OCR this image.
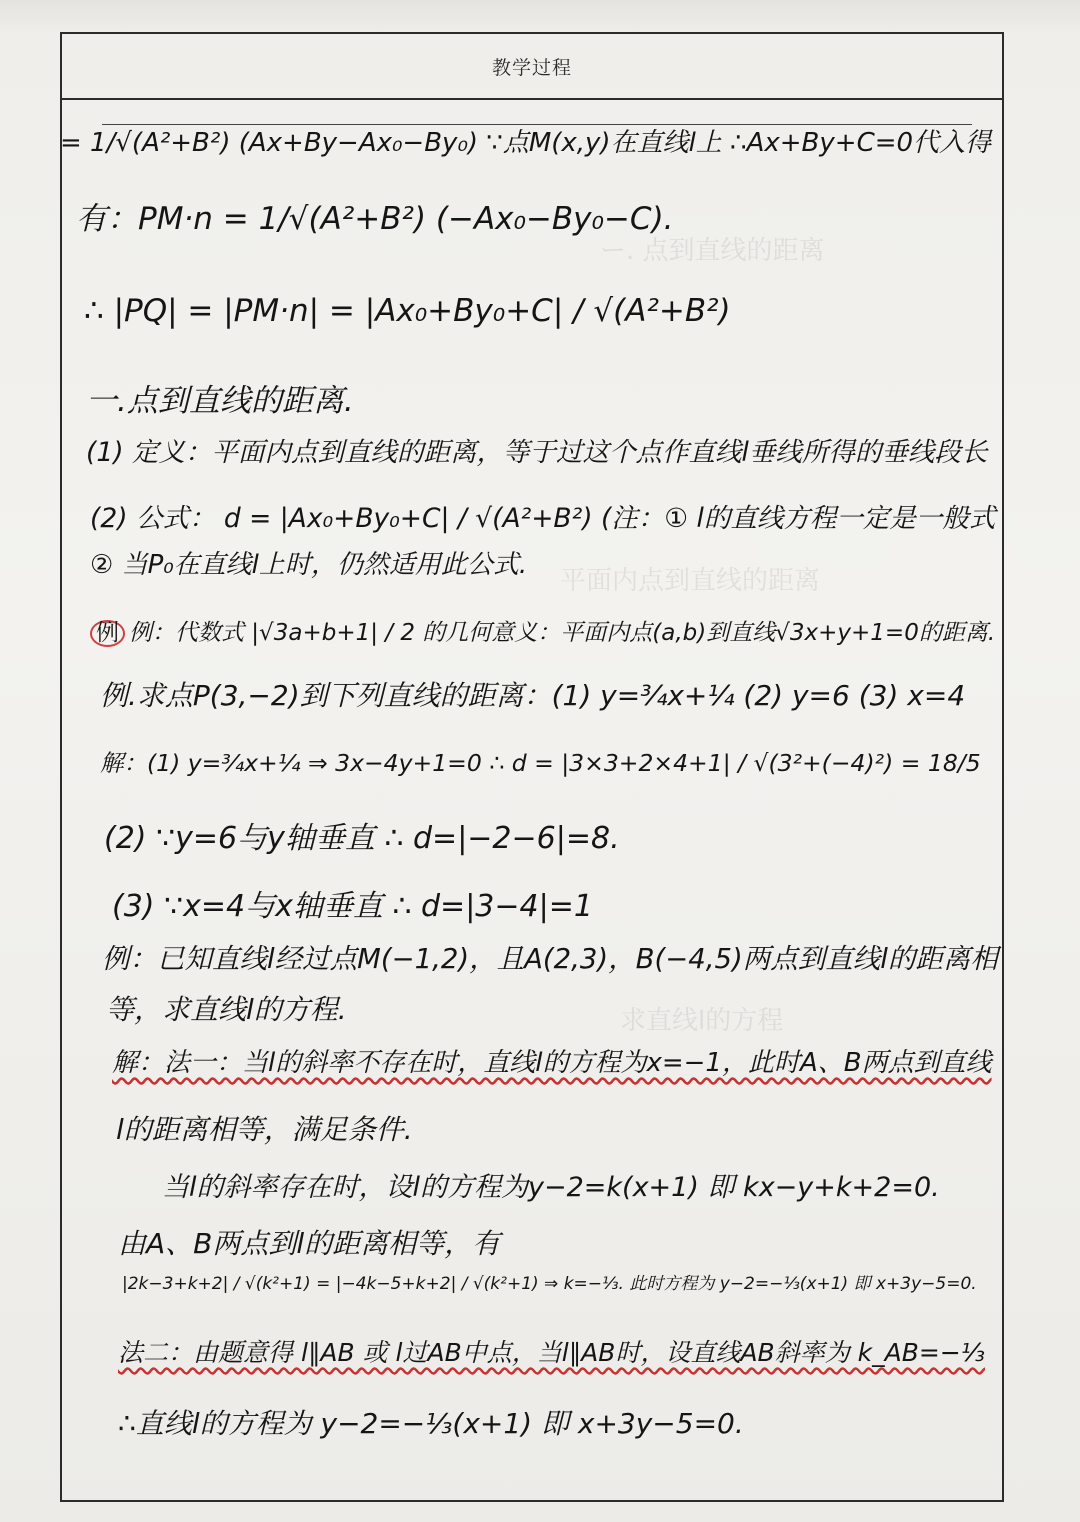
ー. 点到直线的距离
平面内点到直线的距离
求直线l的方程
教学过程
= 1/√(A²+B²) (Ax+By−Ax₀−By₀) ∵点M(x,y)在直线l上 ∴Ax+By+C=0代入得
有：PM·n = 1/√(A²+B²) (−Ax₀−By₀−C).
∴ |PQ| = |PM·n| = |Ax₀+By₀+C| / √(A²+B²)
一.点到直线的距离.
(1) 定义：平面内点到直线的距离，等于过这个点作直线l垂线所得的垂线段长
(2) 公式： d = |Ax₀+By₀+C| / √(A²+B²) (注：① l的直线方程一定是一般式
② 当P₀在直线l上时，仍然适用此公式.
例 例：代数式 |√3a+b+1| / 2 的几何意义：平面内点(a,b)到直线√3x+y+1=0的距离.
例.求点P(3,−2)到下列直线的距离：(1) y=¾x+¼ (2) y=6 (3) x=4
解：(1) y=¾x+¼ ⇒ 3x−4y+1=0 ∴ d = |3×3+2×4+1| / √(3²+(−4)²) = 18/5
(2) ∵y=6与y轴垂直 ∴ d=|−2−6|=8.
(3) ∵x=4与x轴垂直 ∴ d=|3−4|=1
例：已知直线l经过点M(−1,2)，且A(2,3)，B(−4,5)两点到直线l的距离相
等，求直线l的方程.
解：法一：当l的斜率不存在时，直线l的方程为x=−1，此时A、B两点到直线
l的距离相等，满足条件.
当l的斜率存在时，设l的方程为y−2=k(x+1) 即 kx−y+k+2=0.
由A、B两点到l的距离相等，有
|2k−3+k+2| / √(k²+1) = |−4k−5+k+2| / √(k²+1) ⇒ k=−⅓. 此时方程为 y−2=−⅓(x+1) 即 x+3y−5=0.
法二：由题意得 l∥AB 或 l过AB中点，当l∥AB时，设直线AB斜率为 k_AB=−⅓
∴直线l的方程为 y−2=−⅓(x+1) 即 x+3y−5=0.
